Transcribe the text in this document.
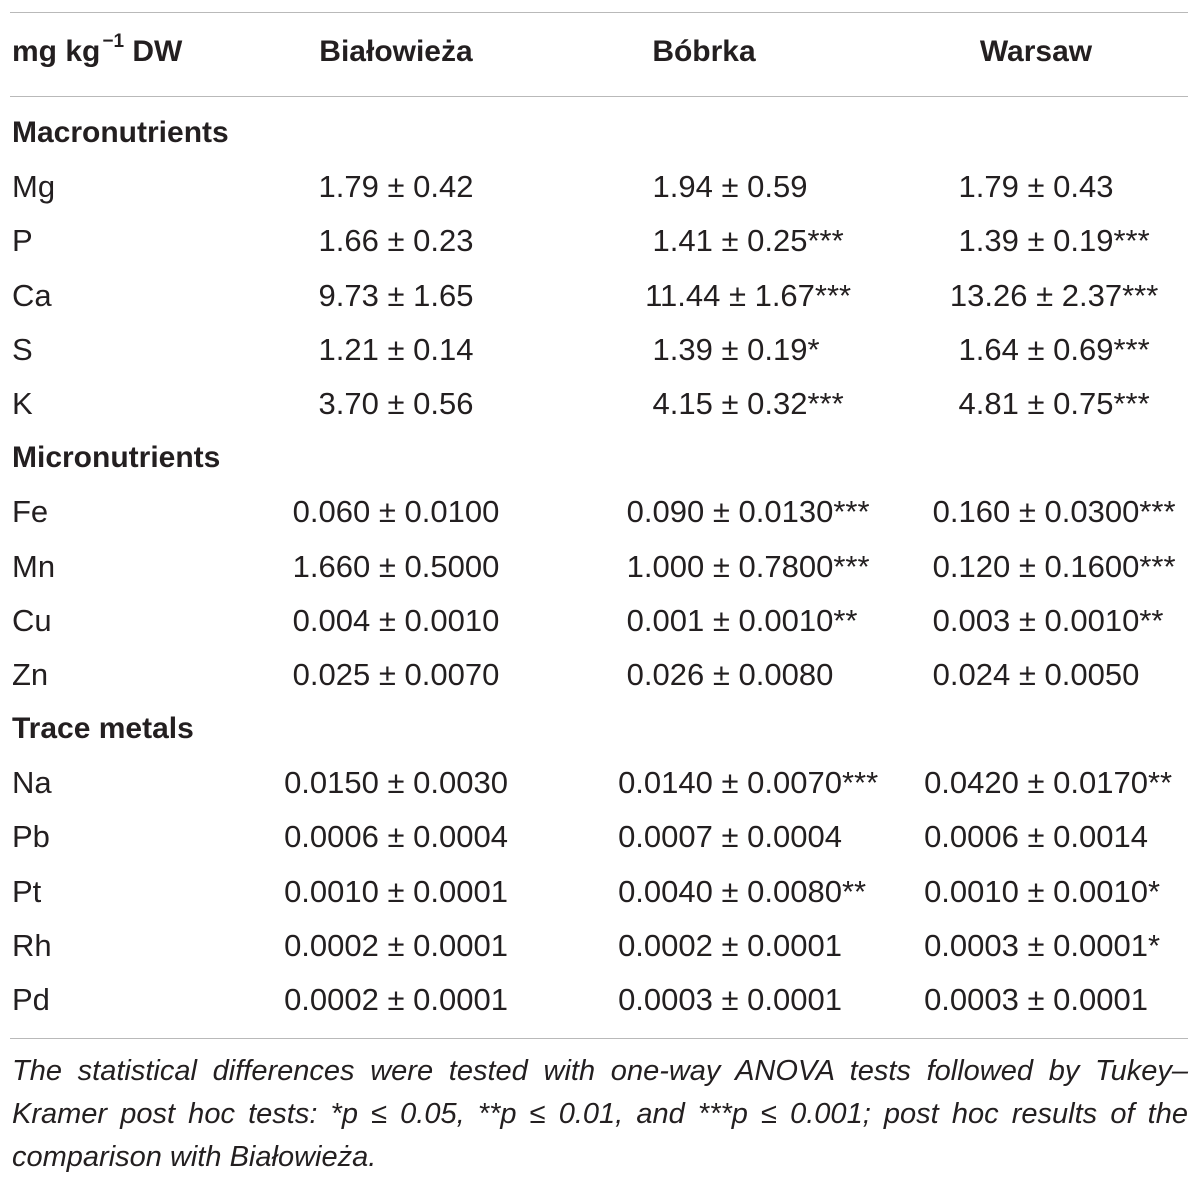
mg kg $^{-1}$ DW	Białowieża	Bóbrka	Warsaw
Macronutrients
Mg	1.79 ± 0.42	1.94 ± 0.59	1.79 ± 0.43
P	1.66 ± 0.23	1.41 ± 0.25***	1.39 ± 0.19***
Ca	9.73 ± 1.65	11.44 ± 1.67***	13.26 ± 2.37***
S	1.21 ± 0.14	1.39 ± 0.19*	1.64 ± 0.69***
K	3.70 ± 0.56	4.15 ± 0.32***	4.81 ± 0.75***
Micronutrients
Fe	0.060 ± 0.0100	0.090 ± 0.0130***	0.160 ± 0.0300***
Mn	1.660 ± 0.5000	1.000 ± 0.7800***	0.120 ± 0.1600***
Cu	0.004 ± 0.0010	0.001 ± 0.0010**	0.003 ± 0.0010**
Zn	0.025 ± 0.0070	0.026 ± 0.0080	0.024 ± 0.0050
Trace metals
Na	0.0150 ± 0.0030	0.0140 ± 0.0070***	0.0420 ± 0.0170**
Pb	0.0006 ± 0.0004	0.0007 ± 0.0004	0.0006 ± 0.0014
Pt	0.0010 ± 0.0001	0.0040 ± 0.0080**	0.0010 ± 0.0010*
Rh	0.0002 ± 0.0001	0.0002 ± 0.0001	0.0003 ± 0.0001*
Pd	0.0002 ± 0.0001	0.0003 ± 0.0001	0.0003 ± 0.0001
The statistical differences were tested with one-way ANOVA tests followed by Tukey–Kramer post hoc tests: *p ≤ 0.05, **p ≤ 0.01, and ***p ≤ 0.001; post hoc results of the comparison with Białowieża.
